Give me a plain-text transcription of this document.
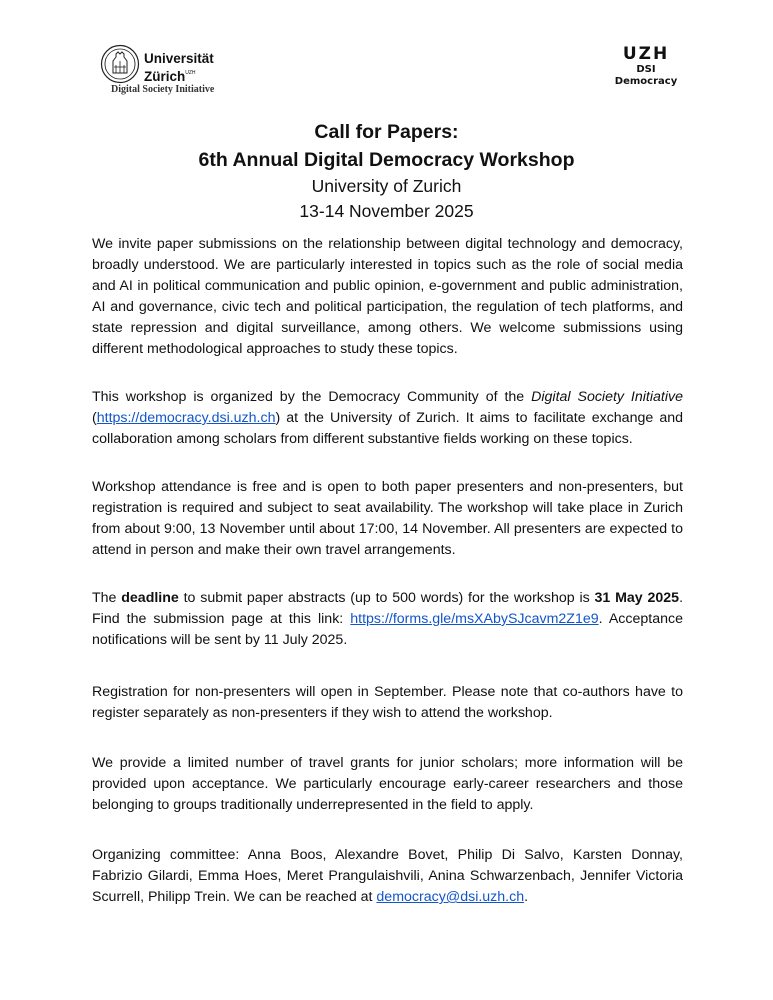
Universität
Zürich$^{UZH}$
Digital Society Initiative
UZH
DSI
Democracy
Call for Papers:
6th Annual Digital Democracy Workshop
University of Zurich
13-14 November 2025

We invite paper submissions on the relationship between digital technology and democracy, broadly understood. We are particularly interested in topics such as the role of social media and AI in political communication and public opinion, e-government and public administration, AI and governance, civic tech and political participation, the regulation of tech platforms, and state repression and digital surveillance, among others. We welcome submissions using different methodological approaches to study these topics.

This workshop is organized by the Democracy Community of the Digital Society Initiative (https://democracy.dsi.uzh.ch) at the University of Zurich. It aims to facilitate exchange and collaboration among scholars from different substantive fields working on these topics.

Workshop attendance is free and is open to both paper presenters and non-presenters, but registration is required and subject to seat availability. The workshop will take place in Zurich from about 9:00, 13 November until about 17:00, 14 November. All presenters are expected to attend in person and make their own travel arrangements.

The deadline to submit paper abstracts (up to 500 words) for the workshop is 31 May 2025. Find the submission page at this link: https://forms.gle/msXAbySJcavm2Z1e9. Acceptance notifications will be sent by 11 July 2025.

Registration for non-presenters will open in September. Please note that co-authors have to register separately as non-presenters if they wish to attend the workshop.

We provide a limited number of travel grants for junior scholars; more information will be provided upon acceptance. We particularly encourage early-career researchers and those belonging to groups traditionally underrepresented in the field to apply.

Organizing committee: Anna Boos, Alexandre Bovet, Philip Di Salvo, Karsten Donnay, Fabrizio Gilardi, Emma Hoes, Meret Prangulaishvili, Anina Schwarzenbach, Jennifer Victoria Scurrell, Philipp Trein. We can be reached at democracy@dsi.uzh.ch.
